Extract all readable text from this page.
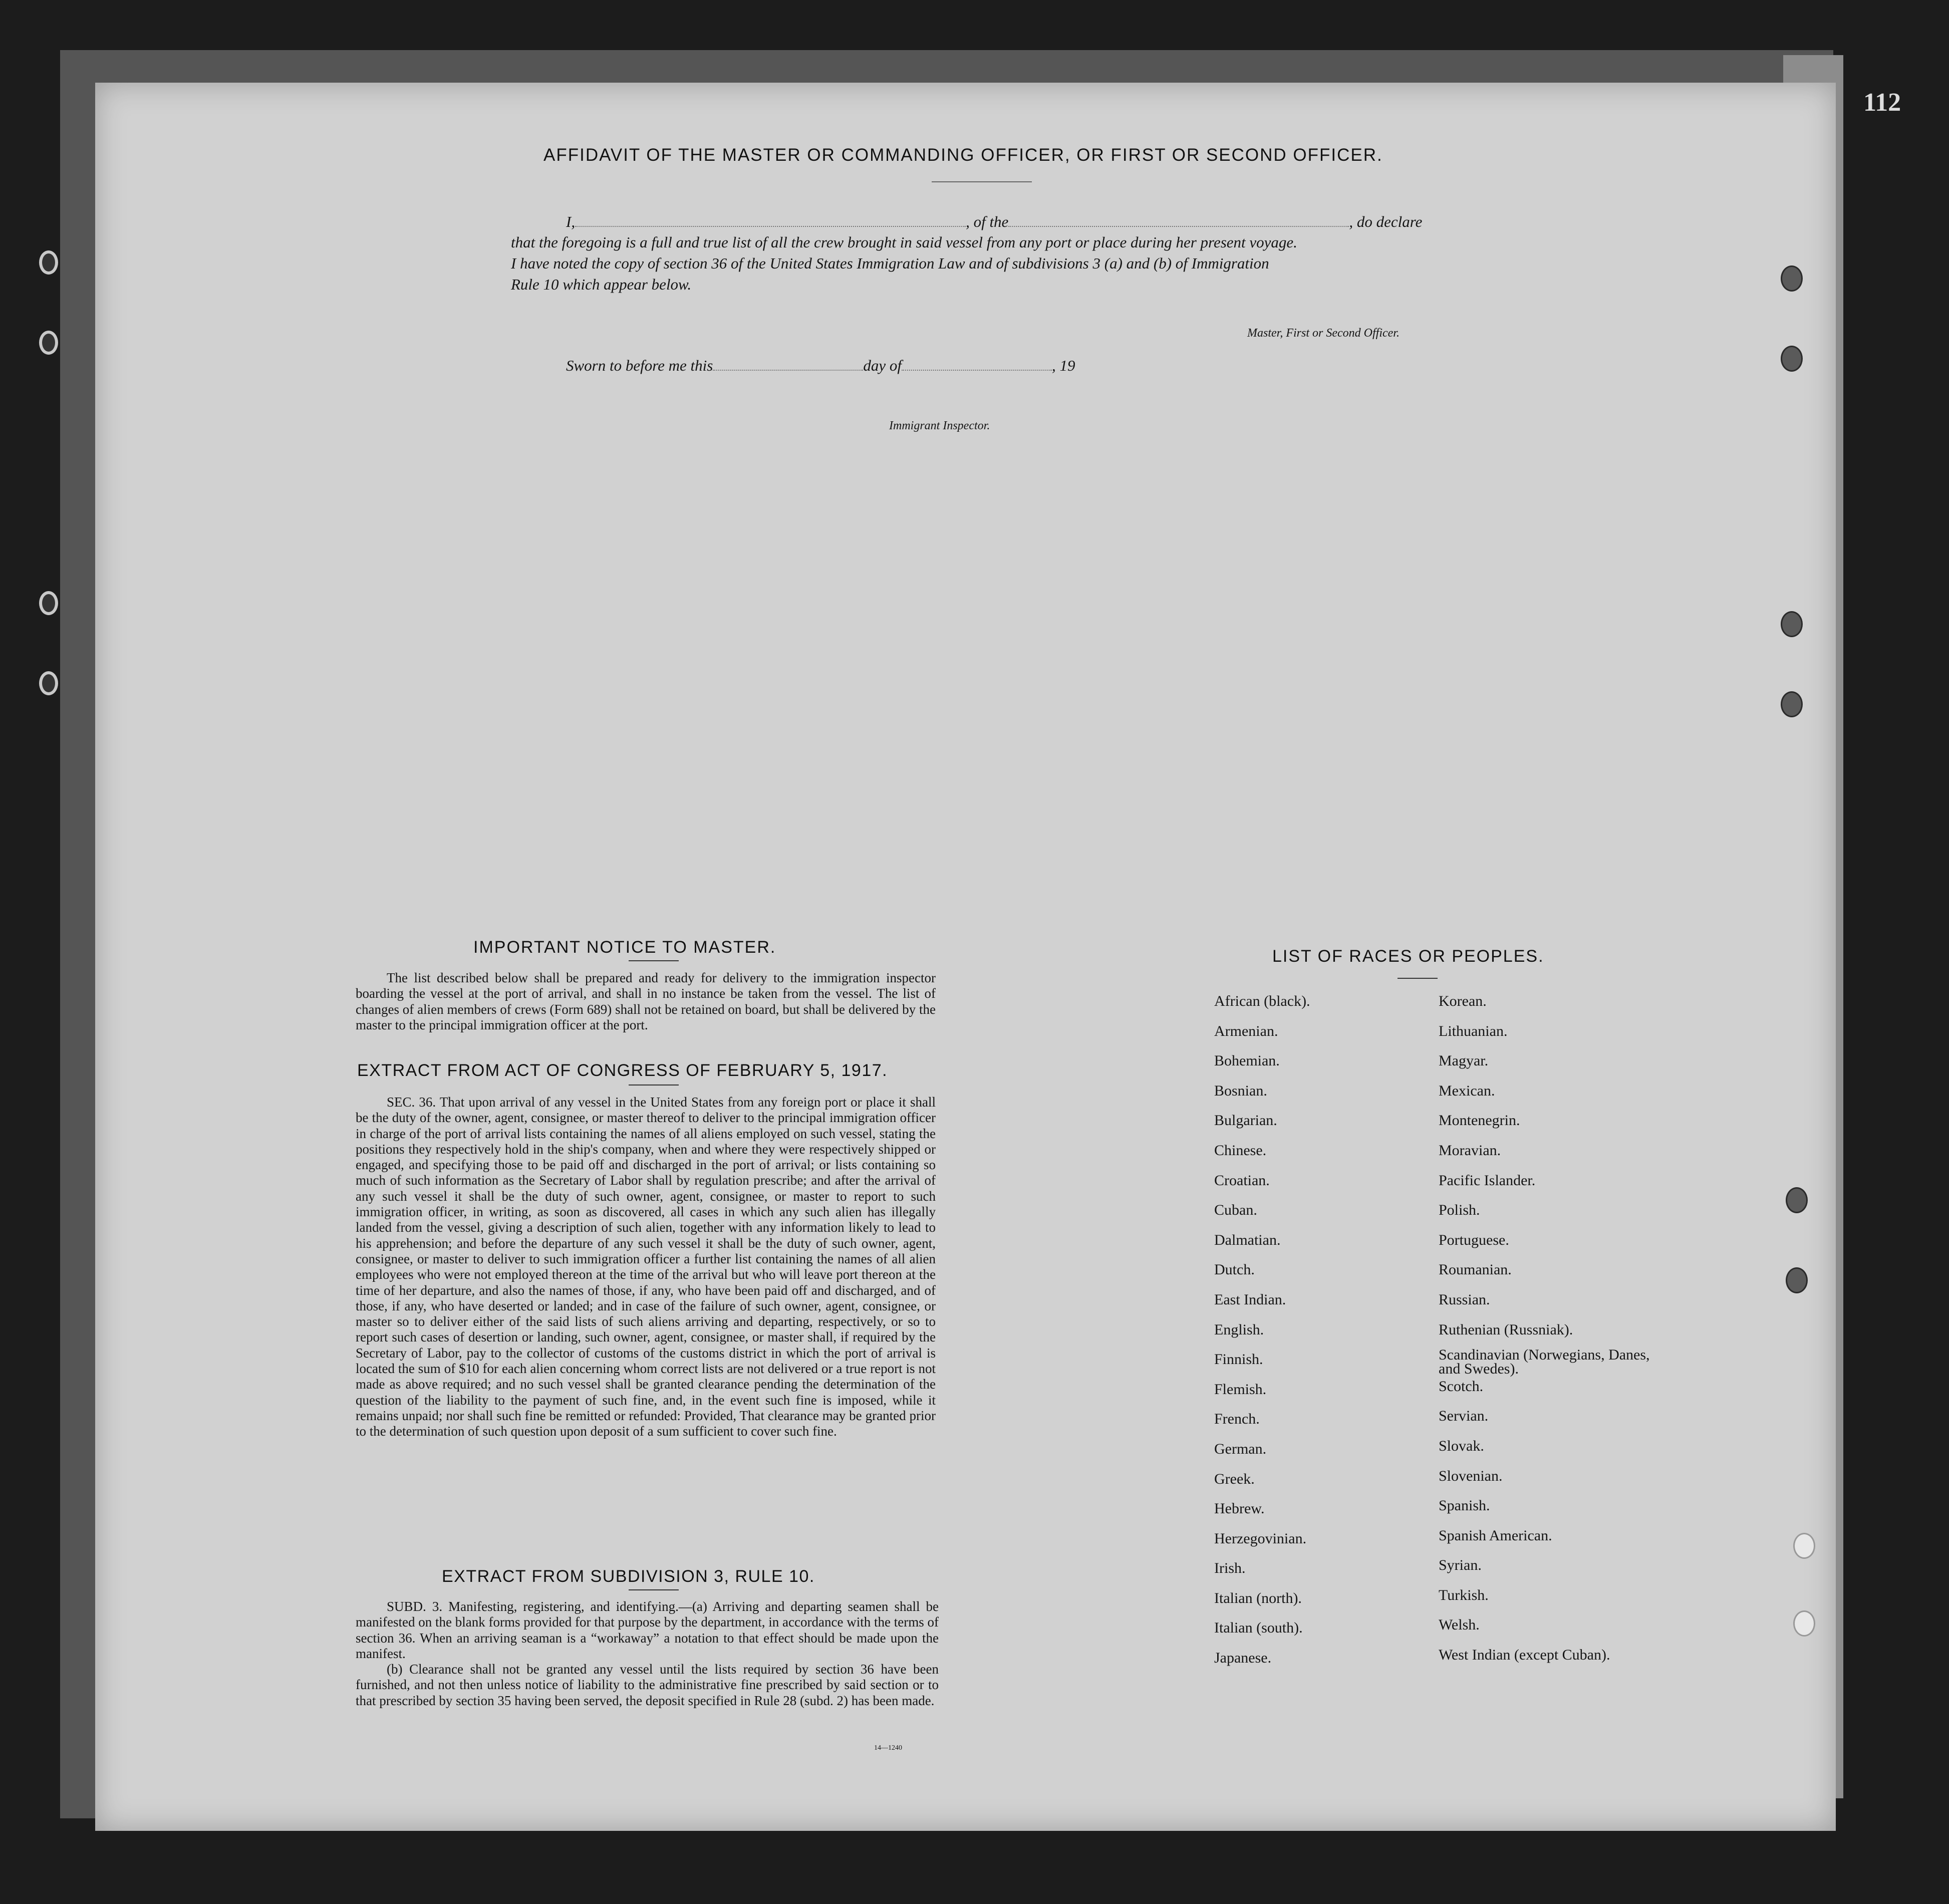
112
AFFIDAVIT OF THE MASTER OR COMMANDING OFFICER, OR FIRST OR SECOND OFFICER.
I,	, of the	, do declare
that the foregoing is a full and true list of all the crew brought in said vessel from any port or place during her present voyage.
I have noted the copy of section 36 of the United States Immigration Law and of subdivisions 3 (a) and (b) of Immigration
Rule 10 which appear below.
Master, First or Second Officer.
Sworn to before me this	day of	, 19
Immigrant Inspector.
IMPORTANT NOTICE TO MASTER.

The list described below shall be prepared and ready for delivery to the immigration inspector boarding the vessel at the port of arrival, and shall in no instance be taken from the vessel. The list of changes of alien members of crews (Form 689) shall not be retained on board, but shall be delivered by the master to the principal immigration officer at the port.

EXTRACT FROM ACT OF CONGRESS OF FEBRUARY 5, 1917.

SEC. 36. That upon arrival of any vessel in the United States from any foreign port or place it shall be the duty of the owner, agent, consignee, or master thereof to deliver to the principal immigration officer in charge of the port of arrival lists containing the names of all aliens employed on such vessel, stating the positions they respectively hold in the ship's company, when and where they were respectively shipped or engaged, and specifying those to be paid off and discharged in the port of arrival; or lists containing so much of such information as the Secretary of Labor shall by regulation prescribe; and after the arrival of any such vessel it shall be the duty of such owner, agent, consignee, or master to report to such immigration officer, in writing, as soon as discovered, all cases in which any such alien has illegally landed from the vessel, giving a description of such alien, together with any information likely to lead to his apprehension; and before the departure of any such vessel it shall be the duty of such owner, agent, consignee, or master to deliver to such immigration officer a further list containing the names of all alien employees who were not employed thereon at the time of the arrival but who will leave port thereon at the time of her departure, and also the names of those, if any, who have been paid off and discharged, and of those, if any, who have deserted or landed; and in case of the failure of such owner, agent, consignee, or master so to deliver either of the said lists of such aliens arriving and departing, respectively, or so to report such cases of desertion or landing, such owner, agent, consignee, or master shall, if required by the Secretary of Labor, pay to the collector of customs of the customs district in which the port of arrival is located the sum of $10 for each alien concerning whom correct lists are not delivered or a true report is not made as above required; and no such vessel shall be granted clearance pending the determination of the question of the liability to the payment of such fine, and, in the event such fine is imposed, while it remains unpaid; nor shall such fine be remitted or refunded: Provided, That clearance may be granted prior to the determination of such question upon deposit of a sum sufficient to cover such fine.

EXTRACT FROM SUBDIVISION 3, RULE 10.

SUBD. 3. Manifesting, registering, and identifying.—(a) Arriving and departing seamen shall be manifested on the blank forms provided for that purpose by the department, in accordance with the terms of section 36. When an arriving seaman is a “workaway” a notation to that effect should be made upon the manifest.

(b) Clearance shall not be granted any vessel until the lists required by section 36 have been furnished, and not then unless notice of liability to the administrative fine prescribed by said section or to that prescribed by section 35 having been served, the deposit specified in Rule 28 (subd. 2) has been made.

14—1240
LIST OF RACES OR PEOPLES.
African (black).
Armenian.
Bohemian.
Bosnian.
Bulgarian.
Chinese.
Croatian.
Cuban.
Dalmatian.
Dutch.
East Indian.
English.
Finnish.
Flemish.
French.
German.
Greek.
Hebrew.
Herzegovinian.
Irish.
Italian (north).
Italian (south).
Japanese.
Korean.
Lithuanian.
Magyar.
Mexican.
Montenegrin.
Moravian.
Pacific Islander.
Polish.
Portuguese.
Roumanian.
Russian.
Ruthenian (Russniak).
Scandinavian (Norwegians, Danes, and Swedes).
Scotch.
Servian.
Slovak.
Slovenian.
Spanish.
Spanish American.
Syrian.
Turkish.
Welsh.
West Indian (except Cuban).
